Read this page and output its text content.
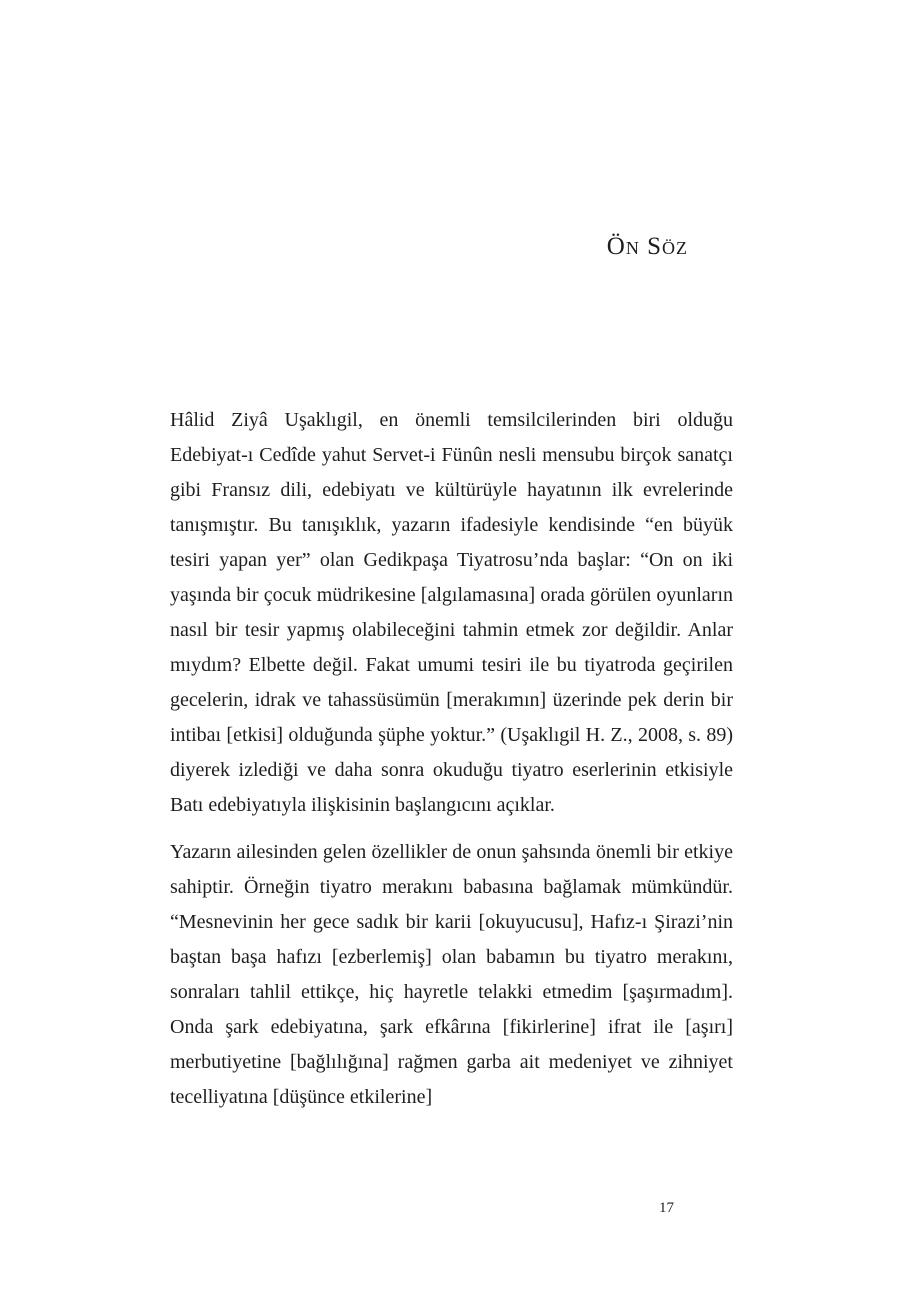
Ön Söz

Hâlid Ziyâ Uşaklıgil, en önemli temsilcilerinden biri olduğu Edebiyat-ı Cedîde yahut Servet-i Fünûn nesli mensubu birçok sanatçı gibi Fransız dili, edebiyatı ve kültürüyle hayatının ilk evrelerinde tanışmıştır. Bu tanışıklık, yazarın ifadesiyle kendisinde “en büyük tesiri yapan yer” olan Gedikpaşa Tiyatrosu’nda başlar: “On on iki yaşında bir çocuk müdrikesine [algılamasına] orada görülen oyunların nasıl bir tesir yapmış olabileceğini tahmin etmek zor değildir. Anlar mıydım? Elbette değil. Fakat umumi tesiri ile bu tiyatroda geçirilen gecelerin, idrak ve tahassüsümün [merakımın] üzerinde pek derin bir intibaı [etkisi] olduğunda şüphe yoktur.” (Uşaklıgil H. Z., 2008, s. 89) diyerek izlediği ve daha sonra okuduğu tiyatro eserlerinin etkisiyle Batı edebiyatıyla ilişkisinin başlangıcını açıklar.

Yazarın ailesinden gelen özellikler de onun şahsında önemli bir etkiye sahiptir. Örneğin tiyatro merakını babasına bağlamak mümkündür. “Mesnevinin her gece sadık bir karii [okuyucusu], Hafız-ı Şirazi’nin baştan başa hafızı [ezberlemiş] olan babamın bu tiyatro merakını, sonraları tahlil ettikçe, hiç hayretle telakki etmedim [şaşırmadım]. Onda şark edebiyatına, şark efkârına [fikirlerine] ifrat ile [aşırı] merbutiyetine [bağlılığına] rağmen garba ait medeniyet ve zihniyet tecelliyatına [düşünce etkilerine]

17
